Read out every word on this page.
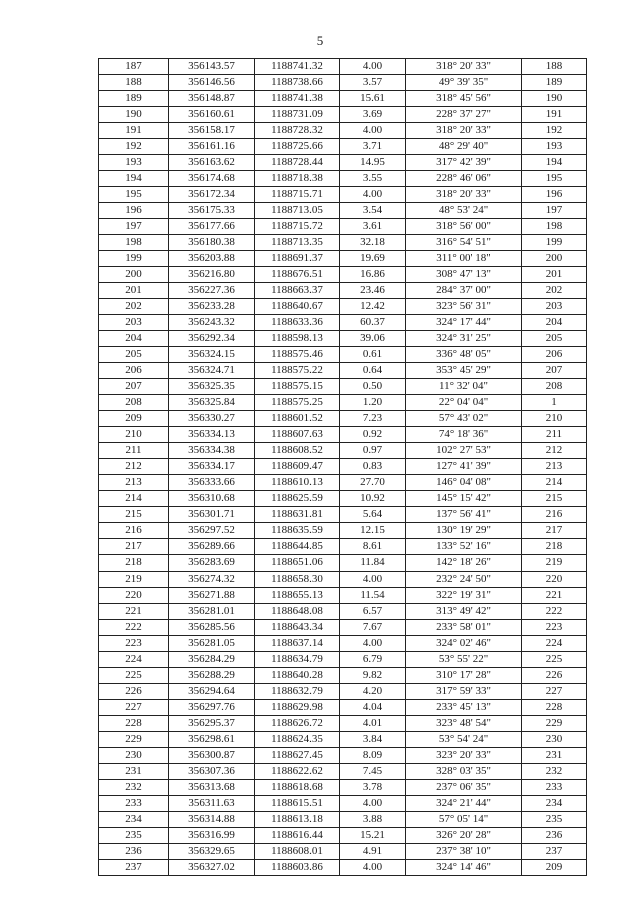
5
187	356143.57	1188741.32	4.00	318° 20' 33"	188
188	356146.56	1188738.66	3.57	49° 39' 35"	189
189	356148.87	1188741.38	15.61	318° 45' 56"	190
190	356160.61	1188731.09	3.69	228° 37' 27"	191
191	356158.17	1188728.32	4.00	318° 20' 33"	192
192	356161.16	1188725.66	3.71	48° 29' 40"	193
193	356163.62	1188728.44	14.95	317° 42' 39"	194
194	356174.68	1188718.38	3.55	228° 46' 06"	195
195	356172.34	1188715.71	4.00	318° 20' 33"	196
196	356175.33	1188713.05	3.54	48° 53' 24"	197
197	356177.66	1188715.72	3.61	318° 56' 00"	198
198	356180.38	1188713.35	32.18	316° 54' 51"	199
199	356203.88	1188691.37	19.69	311° 00' 18"	200
200	356216.80	1188676.51	16.86	308° 47' 13"	201
201	356227.36	1188663.37	23.46	284° 37' 00"	202
202	356233.28	1188640.67	12.42	323° 56' 31"	203
203	356243.32	1188633.36	60.37	324° 17' 44"	204
204	356292.34	1188598.13	39.06	324° 31' 25"	205
205	356324.15	1188575.46	0.61	336° 48' 05"	206
206	356324.71	1188575.22	0.64	353° 45' 29"	207
207	356325.35	1188575.15	0.50	11° 32' 04"	208
208	356325.84	1188575.25	1.20	22° 04' 04"	1
209	356330.27	1188601.52	7.23	57° 43' 02"	210
210	356334.13	1188607.63	0.92	74° 18' 36"	211
211	356334.38	1188608.52	0.97	102° 27' 53"	212
212	356334.17	1188609.47	0.83	127° 41' 39"	213
213	356333.66	1188610.13	27.70	146° 04' 08"	214
214	356310.68	1188625.59	10.92	145° 15' 42"	215
215	356301.71	1188631.81	5.64	137° 56' 41"	216
216	356297.52	1188635.59	12.15	130° 19' 29"	217
217	356289.66	1188644.85	8.61	133° 52' 16"	218
218	356283.69	1188651.06	11.84	142° 18' 26"	219
219	356274.32	1188658.30	4.00	232° 24' 50"	220
220	356271.88	1188655.13	11.54	322° 19' 31"	221
221	356281.01	1188648.08	6.57	313° 49' 42"	222
222	356285.56	1188643.34	7.67	233° 58' 01"	223
223	356281.05	1188637.14	4.00	324° 02' 46"	224
224	356284.29	1188634.79	6.79	53° 55' 22"	225
225	356288.29	1188640.28	9.82	310° 17' 28"	226
226	356294.64	1188632.79	4.20	317° 59' 33"	227
227	356297.76	1188629.98	4.04	233° 45' 13"	228
228	356295.37	1188626.72	4.01	323° 48' 54"	229
229	356298.61	1188624.35	3.84	53° 54' 24"	230
230	356300.87	1188627.45	8.09	323° 20' 33"	231
231	356307.36	1188622.62	7.45	328° 03' 35"	232
232	356313.68	1188618.68	3.78	237° 06' 35"	233
233	356311.63	1188615.51	4.00	324° 21' 44"	234
234	356314.88	1188613.18	3.88	57° 05' 14"	235
235	356316.99	1188616.44	15.21	326° 20' 28"	236
236	356329.65	1188608.01	4.91	237° 38' 10"	237
237	356327.02	1188603.86	4.00	324° 14' 46"	209
